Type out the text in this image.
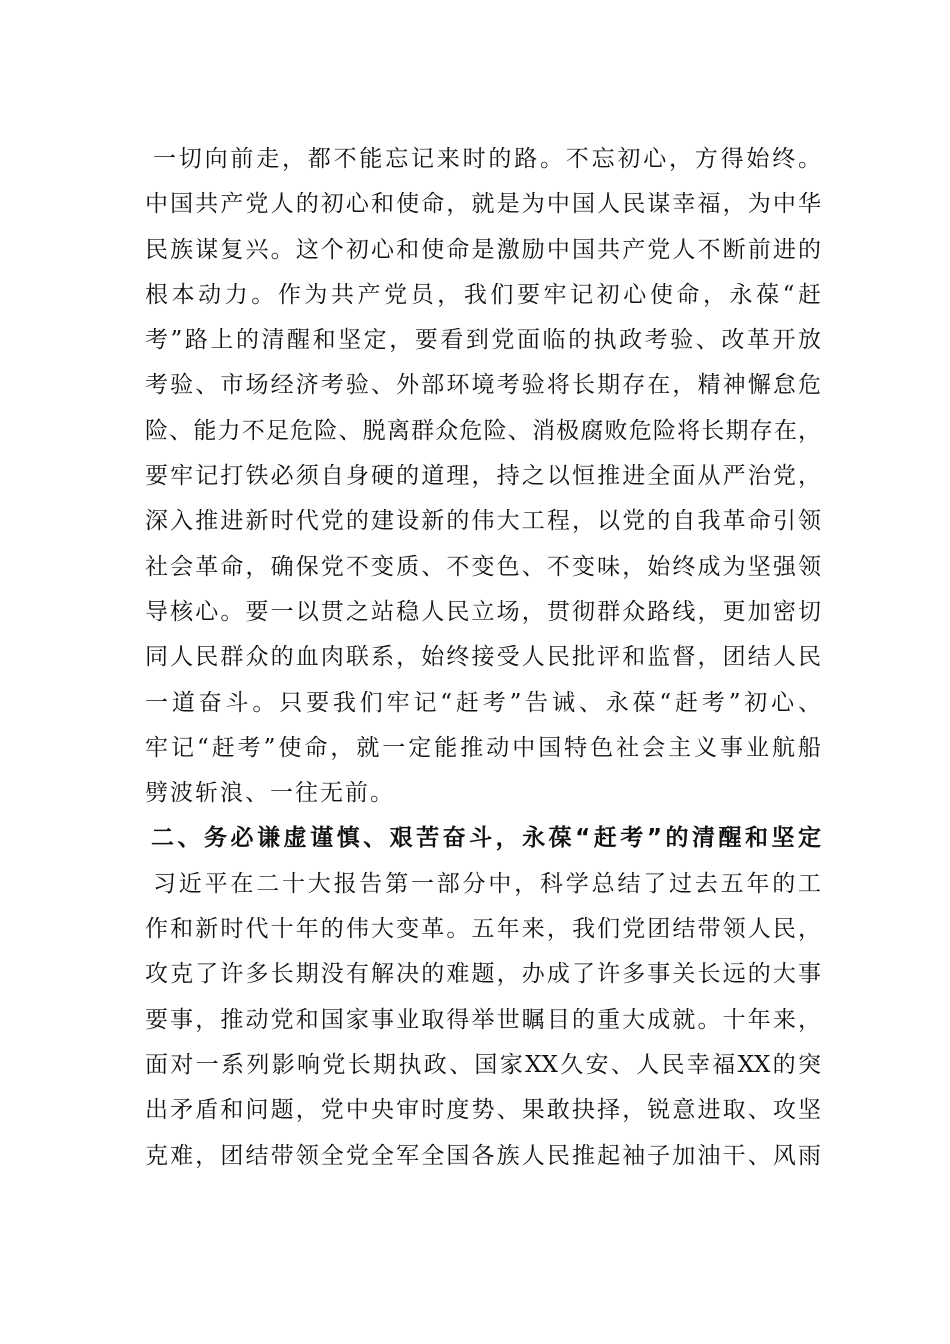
一切向前走，都不能忘记来时的路。不忘初心，方得始终。
中国共产党人的初心和使命，就是为中国人民谋幸福，为中华
民族谋复兴。这个初心和使命是激励中国共产党人不断前进的
根本动力。作为共产党员，我们要牢记初心使命，永葆“赶
考”路上的清醒和坚定，要看到党面临的执政考验、改革开放
考验、市场经济考验、外部环境考验将长期存在，精神懈怠危
险、能力不足危险、脱离群众危险、消极腐败危险将长期存在，
要牢记打铁必须自身硬的道理，持之以恒推进全面从严治党，
深入推进新时代党的建设新的伟大工程，以党的自我革命引领
社会革命，确保党不变质、不变色、不变味，始终成为坚强领
导核心。要一以贯之站稳人民立场，贯彻群众路线，更加密切
同人民群众的血肉联系，始终接受人民批评和监督，团结人民
一道奋斗。只要我们牢记“赶考”告诫、永葆“赶考”初心、
牢记“赶考”使命，就一定能推动中国特色社会主义事业航船
劈波斩浪、一往无前。
二、务必谦虚谨慎、艰苦奋斗，永葆“赶考”的清醒和坚定
习近平在二十大报告第一部分中，科学总结了过去五年的工
作和新时代十年的伟大变革。五年来，我们党团结带领人民，
攻克了许多长期没有解决的难题，办成了许多事关长远的大事
要事，推动党和国家事业取得举世瞩目的重大成就。十年来，
面对一系列影响党长期执政、国家XX久安、人民幸福XX的突
出矛盾和问题，党中央审时度势、果敢抉择，锐意进取、攻坚
克难，团结带领全党全军全国各族人民推起袖子加油干、风雨
